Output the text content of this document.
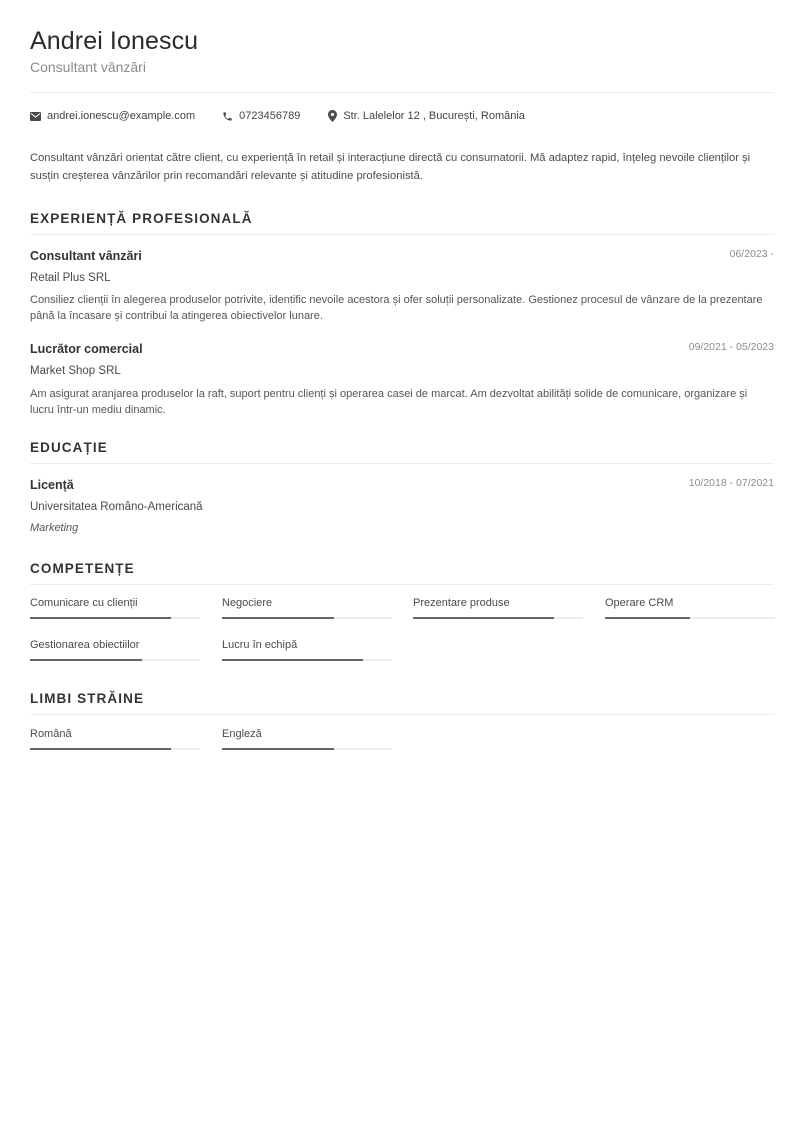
Andrei Ionescu
Consultant vânzări
andrei.ionescu@example.com	0723456789	Str. Lalelelor 12 , București, România

Consultant vânzări orientat către client, cu experiență în retail și interacțiune directă cu consumatorii. Mă adaptez rapid, înțeleg nevoile clienților și susțin creșterea vânzărilor prin recomandări relevante și atitudine profesionistă.

EXPERIENȚĂ PROFESIONALĂ
Consultant vânzări	06/2023 -
Retail Plus SRL

Consiliez clienții în alegerea produselor potrivite, identific nevoile acestora și ofer soluții personalizate. Gestionez procesul de vânzare de la prezentare până la încasare și contribui la atingerea obiectivelor lunare.

Lucrător comercial	09/2021 - 05/2023
Market Shop SRL

Am asigurat aranjarea produselor la raft, suport pentru clienți și operarea casei de marcat. Am dezvoltat abilități solide de comunicare, organizare și lucru într-un mediu dinamic.

EDUCAȚIE
Licență	10/2018 - 07/2021
Universitatea Româno-Americană
Marketing
COMPETENȚE
Comunicare cu clienții	Negociere	Prezentare produse	Operare CRM
Gestionarea obiectiilor	Lucru în echipă
LIMBI STRĂINE
Română	Engleză
